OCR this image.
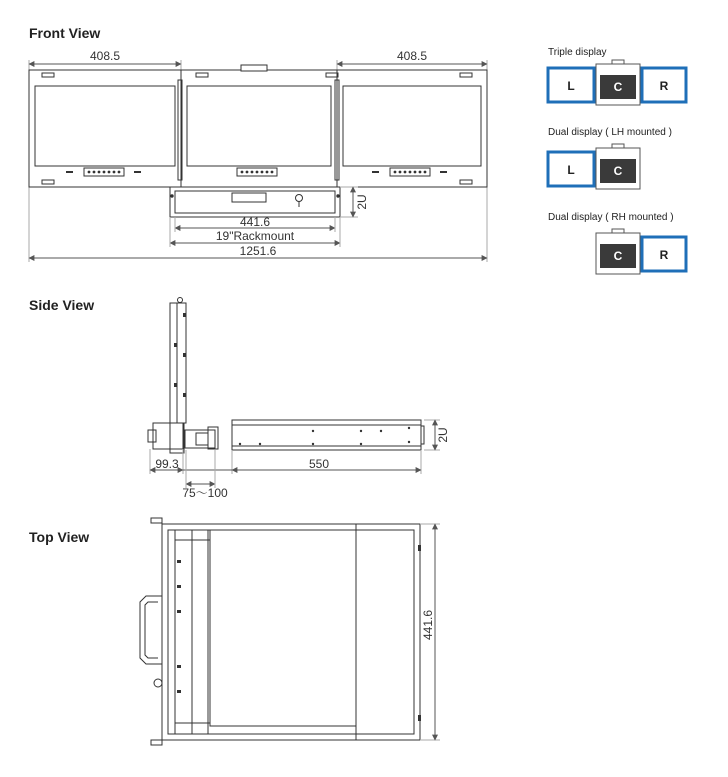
Front View
Side View
Top View
408.5	408.5
441.6
19"Rackmount
1251.6
2U
99.3	550
75～100
2U
441.6
Triple display
L	C	R
Dual display ( LH mounted )
L	C
Dual display ( RH mounted )
C	R
